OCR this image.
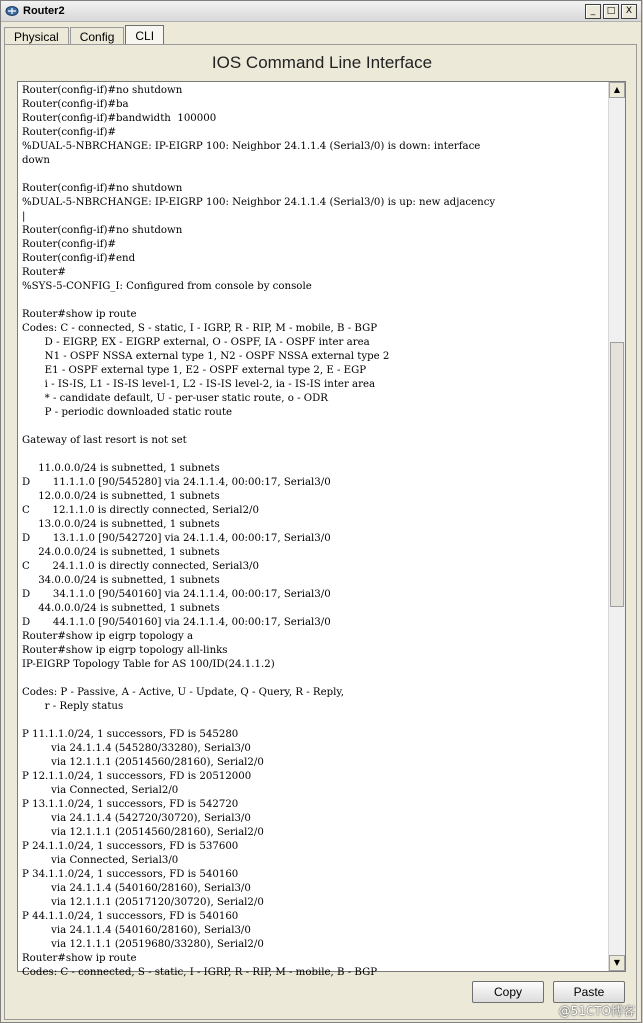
Router2	_	□	X
Physical	Config	CLI
IOS Command Line Interface
Router(config-if)#no shutdown
Router(config-if)#ba
Router(config-if)#bandwidth  100000
Router(config-if)#
%DUAL-5-NBRCHANGE: IP-EIGRP 100: Neighbor 24.1.1.4 (Serial3/0) is down: interface
down
Router(config-if)#no shutdown
%DUAL-5-NBRCHANGE: IP-EIGRP 100: Neighbor 24.1.1.4 (Serial3/0) is up: new adjacency
|
Router(config-if)#no shutdown
Router(config-if)#
Router(config-if)#end
Router#
%SYS-5-CONFIG_I: Configured from console by console
Router#show ip route
Codes: C - connected, S - static, I - IGRP, R - RIP, M - mobile, B - BGP
D - EIGRP, EX - EIGRP external, O - OSPF, IA - OSPF inter area
N1 - OSPF NSSA external type 1, N2 - OSPF NSSA external type 2
E1 - OSPF external type 1, E2 - OSPF external type 2, E - EGP
i - IS-IS, L1 - IS-IS level-1, L2 - IS-IS level-2, ia - IS-IS inter area
* - candidate default, U - per-user static route, o - ODR
P - periodic downloaded static route
Gateway of last resort is not set
11.0.0.0/24 is subnetted, 1 subnets
D       11.1.1.0 [90/545280] via 24.1.1.4, 00:00:17, Serial3/0
12.0.0.0/24 is subnetted, 1 subnets
C       12.1.1.0 is directly connected, Serial2/0
13.0.0.0/24 is subnetted, 1 subnets
D       13.1.1.0 [90/542720] via 24.1.1.4, 00:00:17, Serial3/0
24.0.0.0/24 is subnetted, 1 subnets
C       24.1.1.0 is directly connected, Serial3/0
34.0.0.0/24 is subnetted, 1 subnets
D       34.1.1.0 [90/540160] via 24.1.1.4, 00:00:17, Serial3/0
44.0.0.0/24 is subnetted, 1 subnets
D       44.1.1.0 [90/540160] via 24.1.1.4, 00:00:17, Serial3/0
Router#show ip eigrp topology a
Router#show ip eigrp topology all-links
IP-EIGRP Topology Table for AS 100/ID(24.1.1.2)
Codes: P - Passive, A - Active, U - Update, Q - Query, R - Reply,
r - Reply status
P 11.1.1.0/24, 1 successors, FD is 545280
via 24.1.1.4 (545280/33280), Serial3/0
via 12.1.1.1 (20514560/28160), Serial2/0
P 12.1.1.0/24, 1 successors, FD is 20512000
via Connected, Serial2/0
P 13.1.1.0/24, 1 successors, FD is 542720
via 24.1.1.4 (542720/30720), Serial3/0
via 12.1.1.1 (20514560/28160), Serial2/0
P 24.1.1.0/24, 1 successors, FD is 537600
via Connected, Serial3/0
P 34.1.1.0/24, 1 successors, FD is 540160
via 24.1.1.4 (540160/28160), Serial3/0
via 12.1.1.1 (20517120/30720), Serial2/0
P 44.1.1.0/24, 1 successors, FD is 540160
via 24.1.1.4 (540160/28160), Serial3/0
via 12.1.1.1 (20519680/33280), Serial2/0
Router#show ip route
Codes: C - connected, S - static, I - IGRP, R - RIP, M - mobile, B - BGP
▲
▼
Copy	Paste
@51CTO博客
